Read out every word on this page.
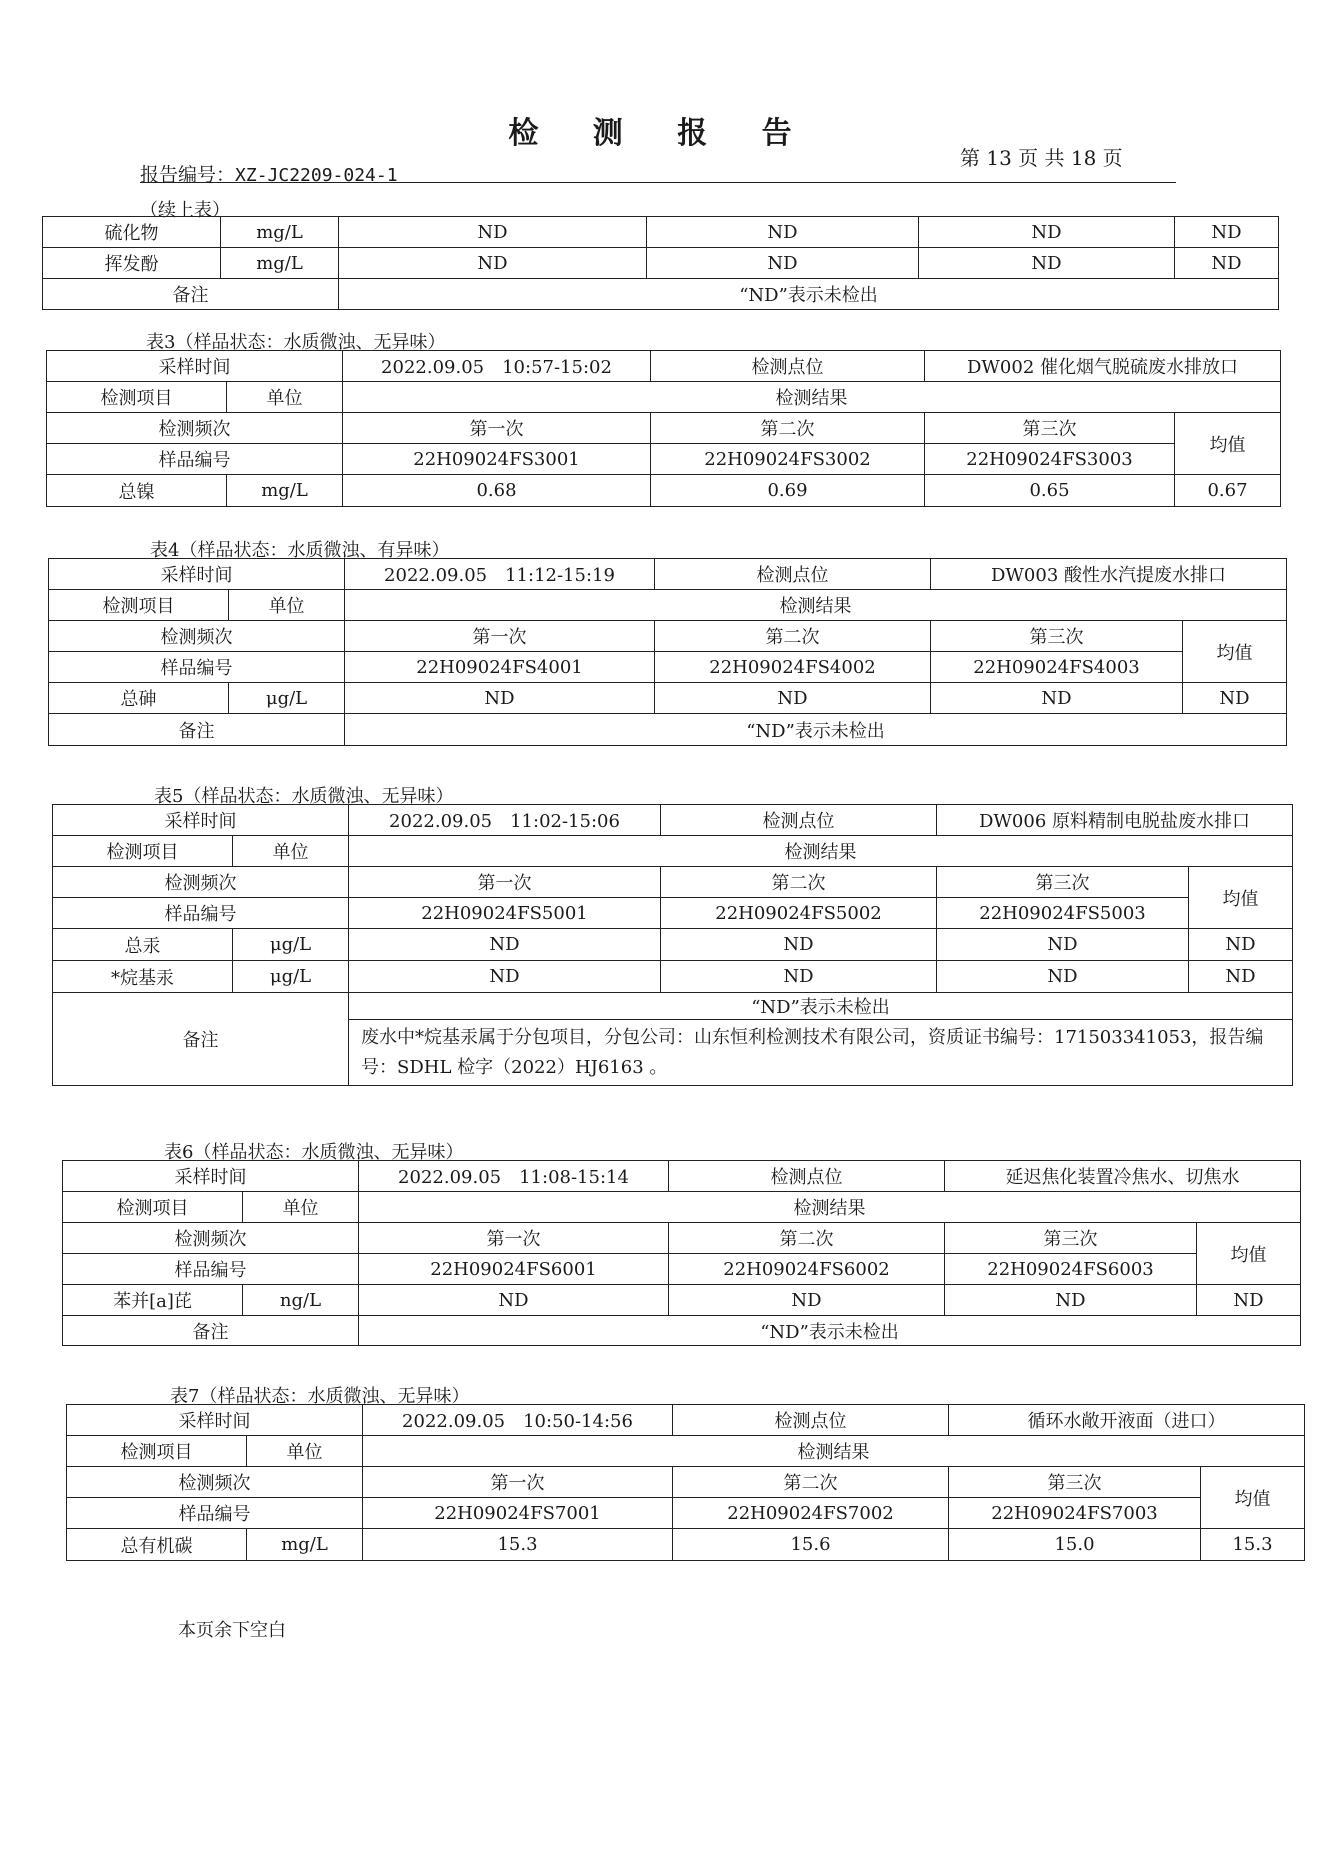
检 测 报 告
报告编号：XZ-JC2209-024-1
第 13 页 共 18 页
（续上表）
硫化物	mg/L	ND	ND	ND	ND
挥发酚	mg/L	ND	ND	ND	ND
备注		“ND”表示未检出			
表3（样品状态：水质微浊、无异味）
采样时间		2022.09.05　10:57-15:02	检测点位	DW002 催化烟气脱硫废水排放口	
检测项目	单位	检测结果			
检测频次		第一次	第二次	第三次	均值
样品编号		22H09024FS3001	22H09024FS3002	22H09024FS3003	
总镍	mg/L	0.68	0.69	0.65	0.67
表4（样品状态：水质微浊、有异味）
采样时间		2022.09.05　11:12-15:19	检测点位	DW003 酸性水汽提废水排口	
检测项目	单位	检测结果			
检测频次		第一次	第二次	第三次	均值
样品编号		22H09024FS4001	22H09024FS4002	22H09024FS4003	
总砷	μg/L	ND	ND	ND	ND
备注		“ND”表示未检出			
表5（样品状态：水质微浊、无异味）
采样时间		2022.09.05　11:02-15:06	检测点位	DW006 原料精制电脱盐废水排口	
检测项目	单位	检测结果			
检测频次		第一次	第二次	第三次	均值
样品编号		22H09024FS5001	22H09024FS5002	22H09024FS5003	
总汞	μg/L	ND	ND	ND	ND
*烷基汞	μg/L	ND	ND	ND	ND
备注		“ND”表示未检出			
		废水中*烷基汞属于分包项目，分包公司：山东恒利检测技术有限公司，资质证书编号：171503341053，报告编号：SDHL 检字（2022）HJ6163 。			
表6（样品状态：水质微浊、无异味）
采样时间		2022.09.05　11:08-15:14	检测点位	延迟焦化装置冷焦水、切焦水	
检测项目	单位	检测结果			
检测频次		第一次	第二次	第三次	均值
样品编号		22H09024FS6001	22H09024FS6002	22H09024FS6003	
苯并[a]芘	ng/L	ND	ND	ND	ND
备注		“ND”表示未检出			
表7（样品状态：水质微浊、无异味）
采样时间		2022.09.05　10:50-14:56	检测点位	循环水敞开液面（进口）	
检测项目	单位	检测结果			
检测频次		第一次	第二次	第三次	均值
样品编号		22H09024FS7001	22H09024FS7002	22H09024FS7003	
总有机碳	mg/L	15.3	15.6	15.0	15.3
本页余下空白
